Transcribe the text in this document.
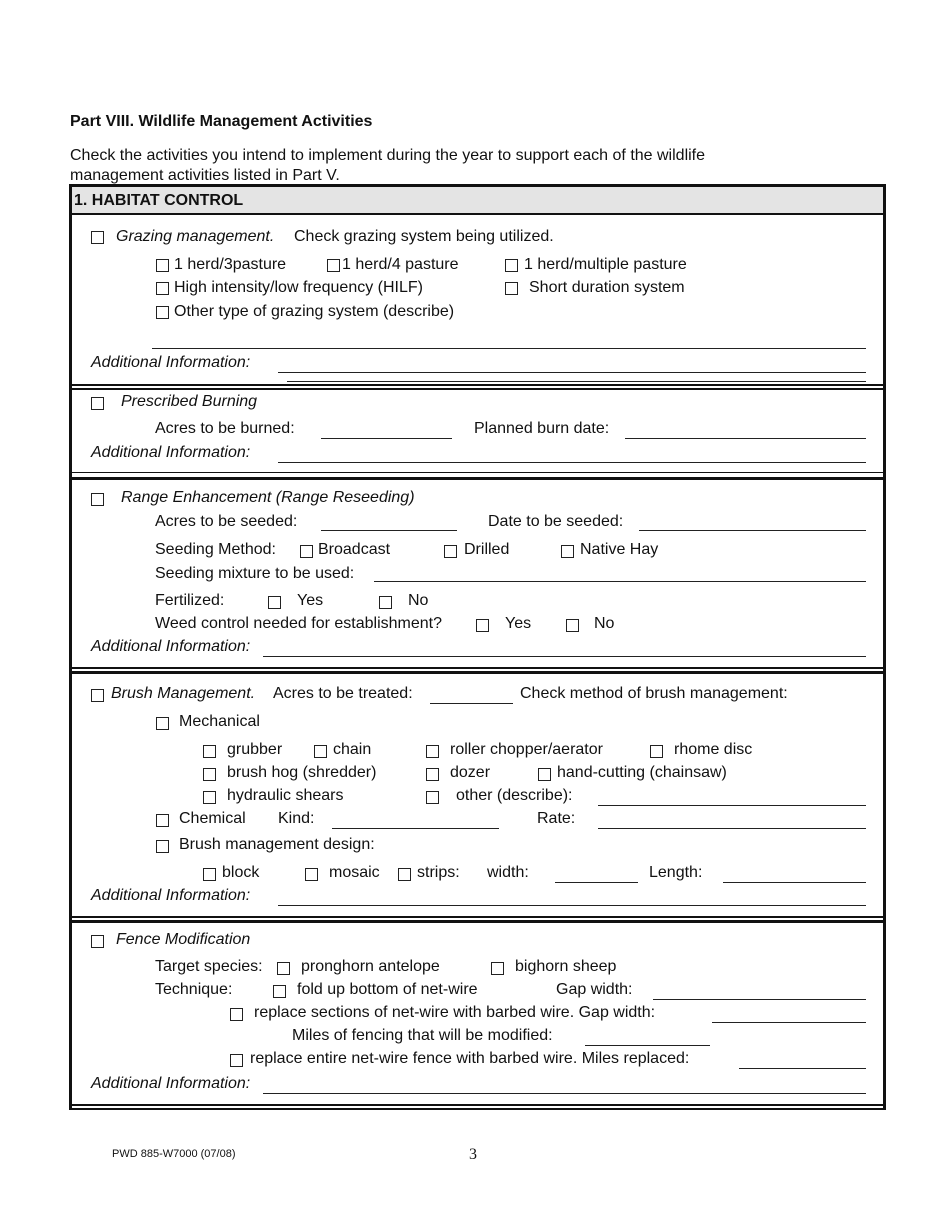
Part VIII. Wildlife Management Activities
Check the activities you intend to implement during the year to support each of the wildlife
management activities listed in Part V.
1. HABITAT CONTROL
Grazing management. Check grazing system being utilized.
1 herd/3pasture	1 herd/4 pasture	1 herd/multiple pasture
High intensity/low frequency (HILF)	Short duration system
Other type of grazing system (describe)
Additional Information:
Prescribed Burning
Acres to be burned:	Planned burn date:
Additional Information:
Range Enhancement (Range Reseeding)
Acres to be seeded:	Date to be seeded:
Seeding Method:	Broadcast	Drilled	Native Hay
Seeding mixture to be used:
Fertilized:	Yes	No
Weed control needed for establishment?	Yes	No
Additional Information:
Brush Management. Acres to be treated:	Check method of brush management:
Mechanical
grubber	chain	roller chopper/aerator	rhome disc
brush hog (shredder)	dozer	hand-cutting (chainsaw)
hydraulic shears	other (describe):
Chemical Kind:	Rate:
Brush management design:
block	mosaic strips: width:	Length:
Additional Information:
Fence Modification
Target species: pronghorn antelope	bighorn sheep
Technique:	fold up bottom of net-wire	Gap width:
replace sections of net-wire with barbed wire. Gap width:
Miles of fencing that will be modified:
replace entire net-wire fence with barbed wire. Miles replaced:
Additional Information:
PWD 885-W7000 (07/08)	3
